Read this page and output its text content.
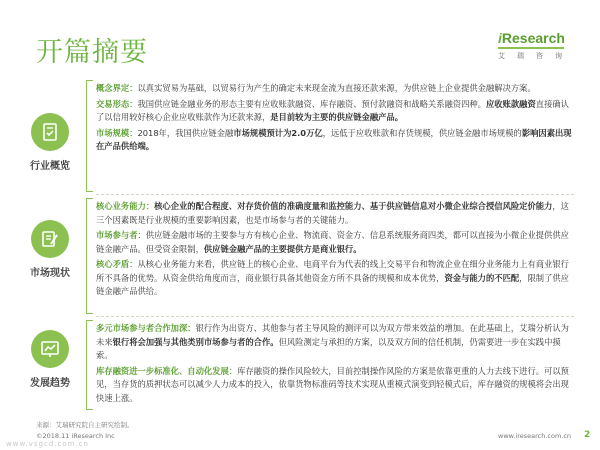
开篇摘要	iResearch
艾 瑞 咨 询
行业概览

概念界定：以真实贸易为基础，以贸易行为产生的确定未来现金流为直接还款来源，为供应链上企业提供金融解决方案。

交易形态：我国供应链金融业务的形态主要有应收账款融资、库存融资、预付款融资和战略关系融资四种。应收账款融资直接确认了以信用较好核心企业应收账款作为还款来源，是目前较为主要的供应链金融产品。

市场规模：2018年，我国供应链金融市场规模预计为2.0万亿，远低于应收账款和存货规模，供应链金融市场规模的影响因素出现在产品供给端。

市场现状

核心业务能力：核心企业的配合程度、对存货价值的准确度量和监控能力、基于供应链信息对小微企业综合授信风险定价能力，这三个因素既是行业规模的重要影响因素，也是市场参与者的关键能力。

市场参与者：供应链金融市场的主要参与方有核心企业、物流商、资金方、信息系统服务商四类，都可以直接为小微企业提供供应链金融产品。但受资金限制，供应链金融产品的主要提供方是商业银行。

核心矛盾：从核心业务能力来看，供应链上的核心企业、电商平台为代表的线上交易平台和物流企业在细分业务能力上有商业银行所不具备的优势。从资金供给角度而言，商业银行具备其他资金方所不具备的规模和成本优势，资金与能力的不匹配，限制了供应链金融产品供给。

发展趋势

多元市场参与者合作加深：银行作为出资方、其他参与者主导风险的测评可以为双方带来效益的增加。在此基础上，艾瑞分析认为未来银行将会加强与其他类别市场参与者的合作。但风险测定与承担的方案，以及双方间的信任机制，仍需要进一步在实践中摸索。

库存融资进一步标准化、自动化发展：库存融资的操作风险较大，目前控制操作风险的方案是依靠更重的人力去线下进行。可以预见，当存货的质押状态可以减少人力成本的投入，依靠货物标准码等技术实现从重模式演变到轻模式后，库存融资的规模将会出现快速上涨。

来源：艾瑞研究院自主研究绘制。
©2018.11 iResearch Inc	www.iresearch.com.cn 2
www.vsgcd.com.cn
